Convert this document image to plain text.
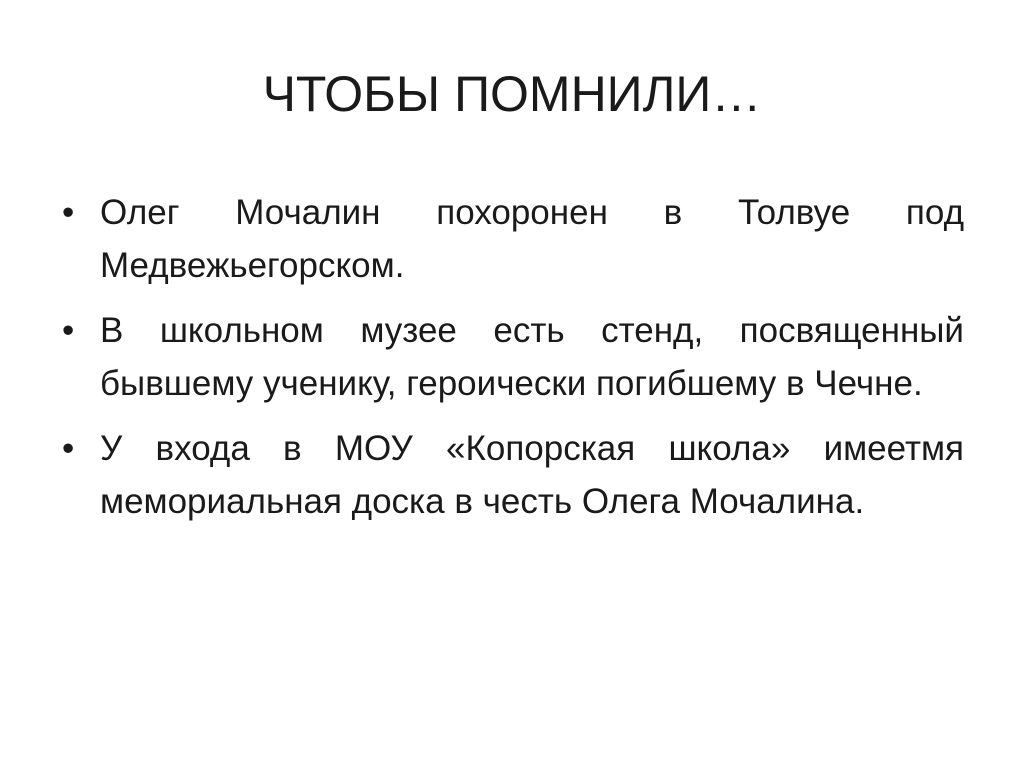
ЧТОБЫ ПОМНИЛИ…
• Олег Мочалин похоронен в Толвуе под Медвежьегорском.
• В школьном музее есть стенд, посвященный бывшему ученику, героически погибшему в Чечне.
• У входа в МОУ «Копорская школа» имеетмя мемориальная доска в честь Олега Мочалина.
